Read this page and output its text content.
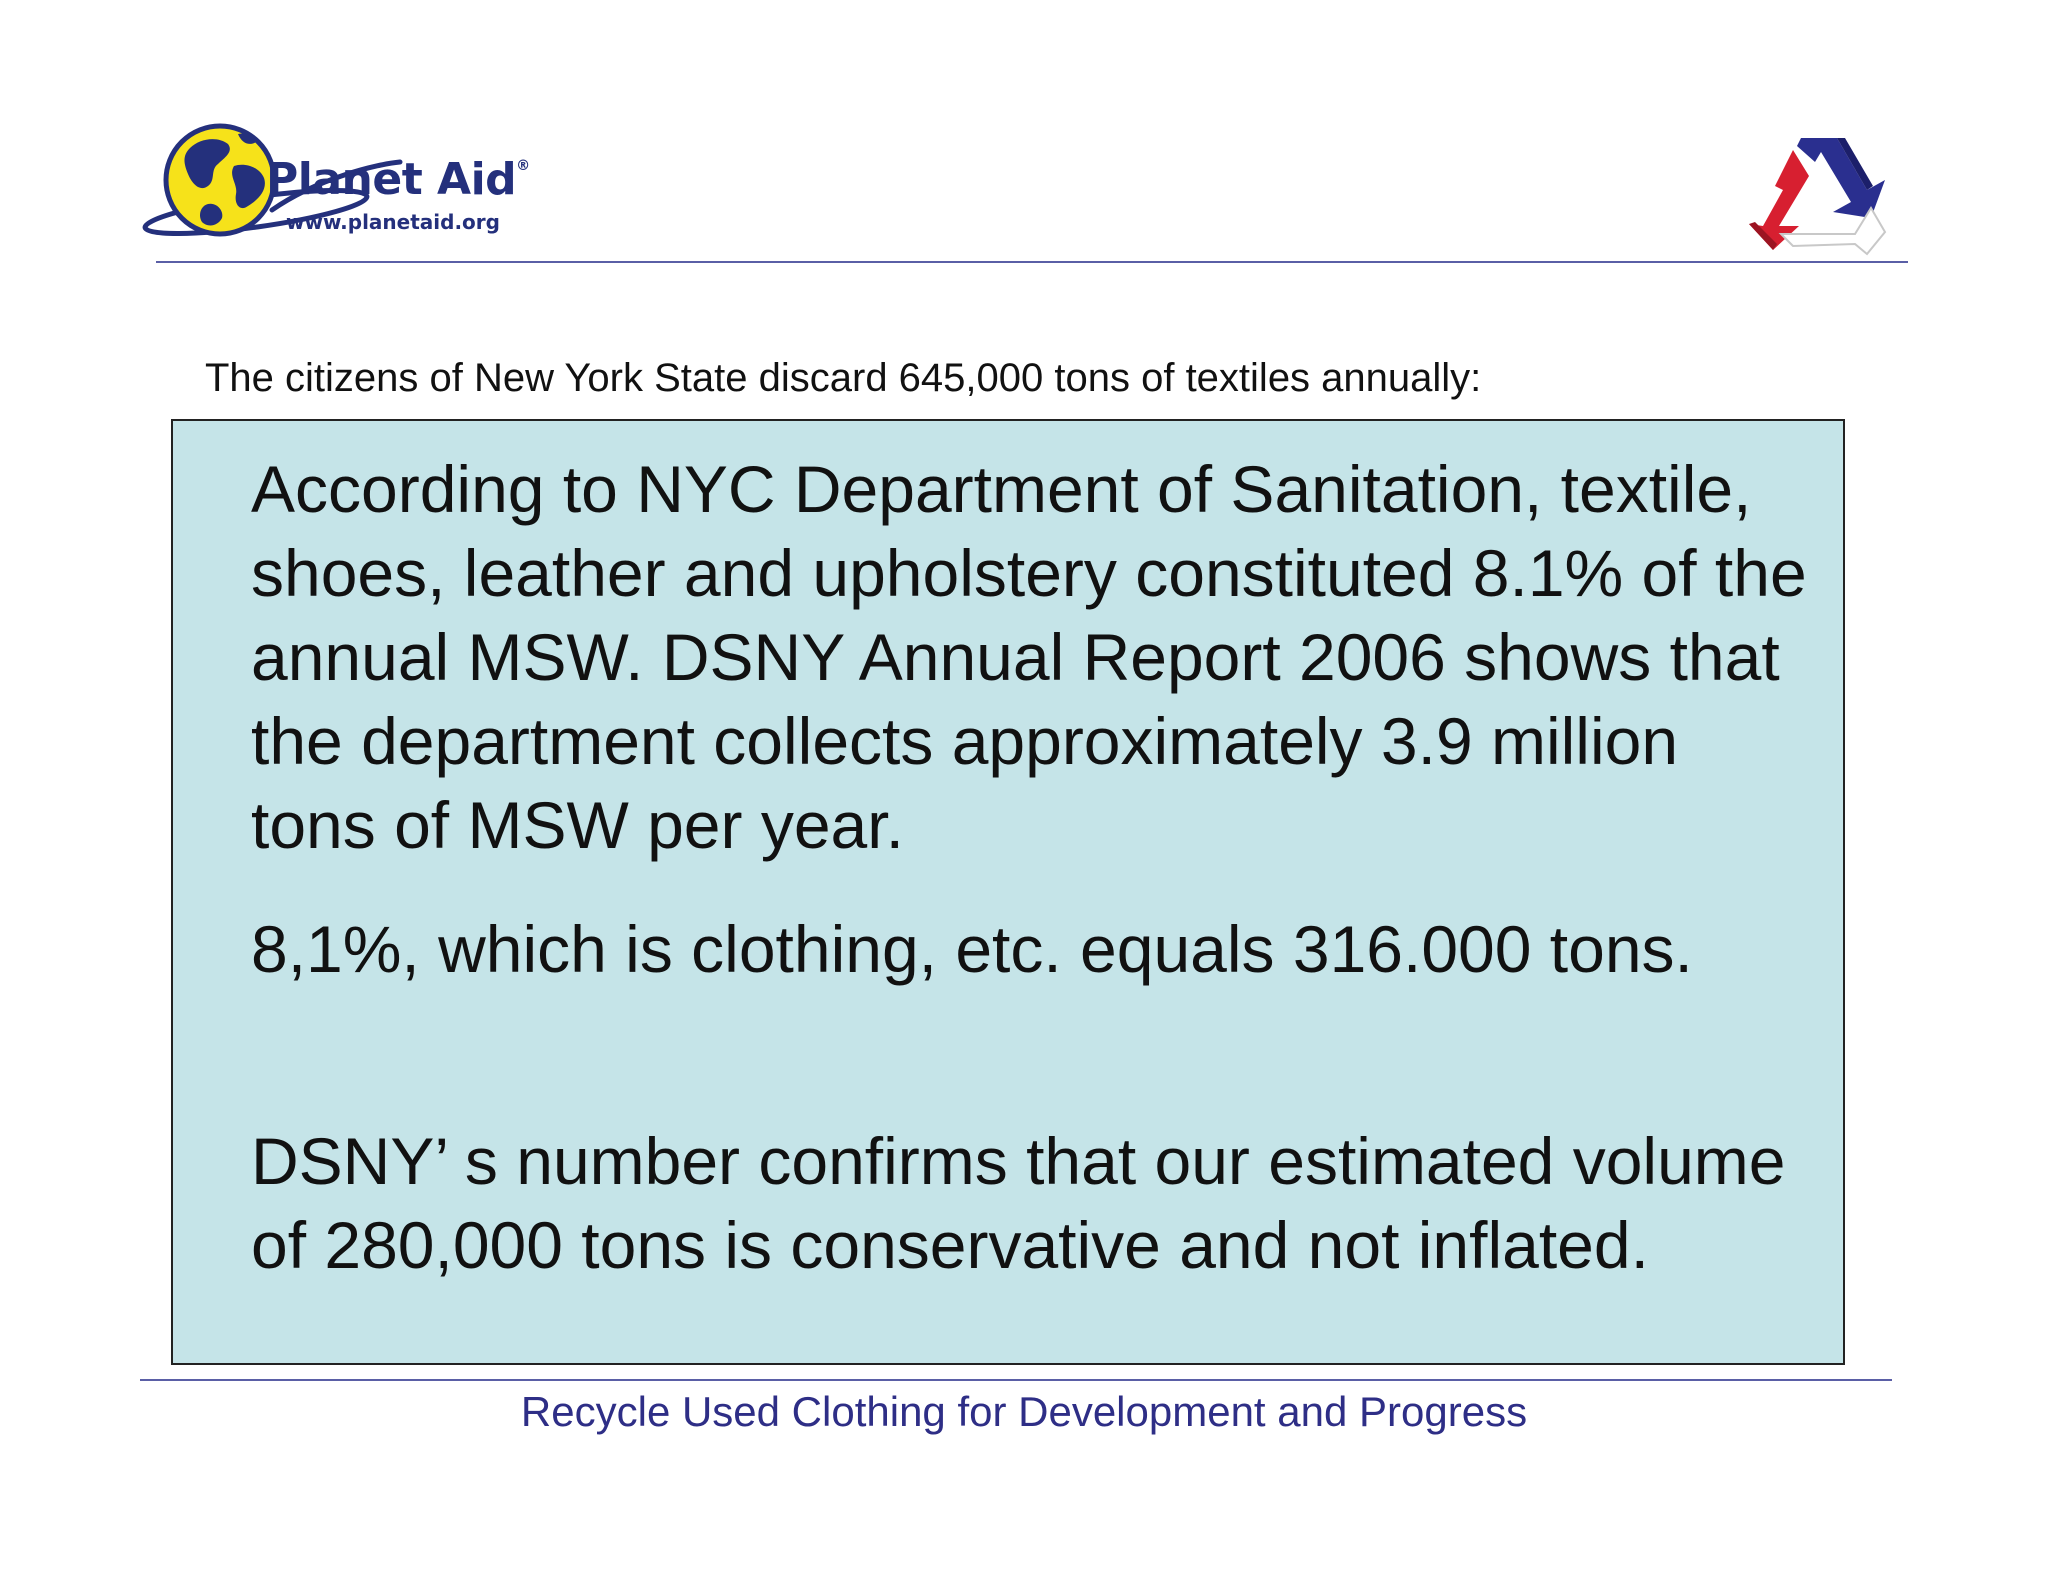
Planet Aid®
www.planetaid.org
The citizens of New York State discard 645,000 tons of textiles annually:

According to NYC Department of Sanitation, textile, shoes, leather and upholstery constituted 8.1% of the annual MSW. DSNY Annual Report 2006 shows that the department collects approximately 3.9 million tons of MSW per year.

8,1%, which is clothing, etc. equals 316.000 tons.

DSNY’ s number confirms that our estimated volume of 280,000 tons is conservative and not inflated.

Recycle Used Clothing for Development and Progress
